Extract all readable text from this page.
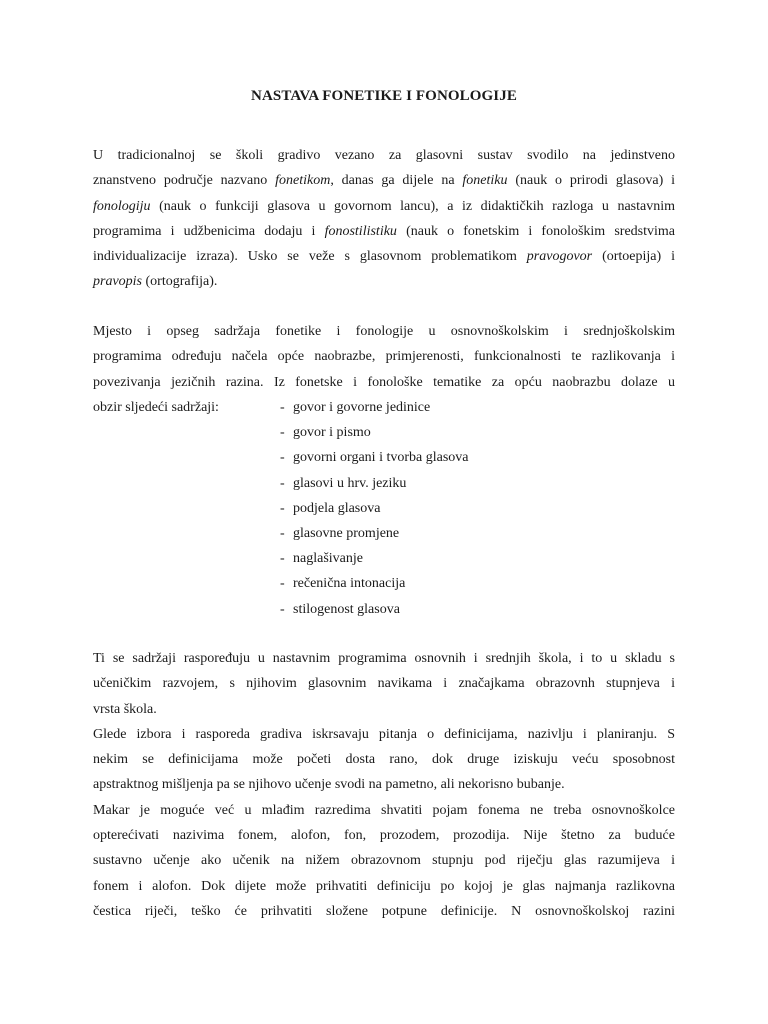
NASTAVA FONETIKE I FONOLOGIJE
U tradicionalnoj se školi gradivo vezano za glasovni sustav svodilo na jedinstveno
znanstveno područje nazvano fonetikom, danas ga dijele na fonetiku (nauk o prirodi glasova) i
fonologiju (nauk o funkciji glasova u govornom lancu), a iz didaktičkih razloga u nastavnim
programima i udžbenicima dodaju i fonostilistiku (nauk o fonetskim i fonološkim sredstvima
individualizacije izraza). Usko se veže s glasovnom problematikom pravogovor (ortoepija) i
pravopis (ortografija).
Mjesto i opseg sadržaja fonetike i fonologije u osnovnoškolskim i srednjoškolskim
programima određuju načela opće naobrazbe, primjerenosti, funkcionalnosti te razlikovanja i
povezivanja jezičnih razina. Iz fonetske i fonološke tematike za opću naobrazbu dolaze u
obzir sljedeći sadržaji:	- govor i govorne jedinice
- govor i pismo
- govorni organi i tvorba glasova
- glasovi u hrv. jeziku
- podjela glasova
- glasovne promjene
- naglašivanje
- rečenična intonacija
- stilogenost glasova
Ti se sadržaji raspoređuju u nastavnim programima osnovnih i srednjih škola, i to u skladu s
učeničkim razvojem, s njihovim glasovnim navikama i značajkama obrazovnh stupnjeva i
vrsta škola.
Glede izbora i rasporeda gradiva iskrsavaju pitanja o definicijama, nazivlju i planiranju. S
nekim se definicijama može početi dosta rano, dok druge iziskuju veću sposobnost
apstraktnog mišljenja pa se njihovo učenje svodi na pametno, ali nekorisno bubanje.
Makar je moguće već u mlađim razredima shvatiti pojam fonema ne treba osnovnoškolce
opterećivati nazivima fonem, alofon, fon, prozodem, prozodija. Nije štetno za buduće
sustavno učenje ako učenik na nižem obrazovnom stupnju pod riječju glas razumijeva i
fonem i alofon. Dok dijete može prihvatiti definiciju po kojoj je glas najmanja razlikovna
čestica riječi, teško će prihvatiti složene potpune definicije. N osnovnoškolskoj razini
